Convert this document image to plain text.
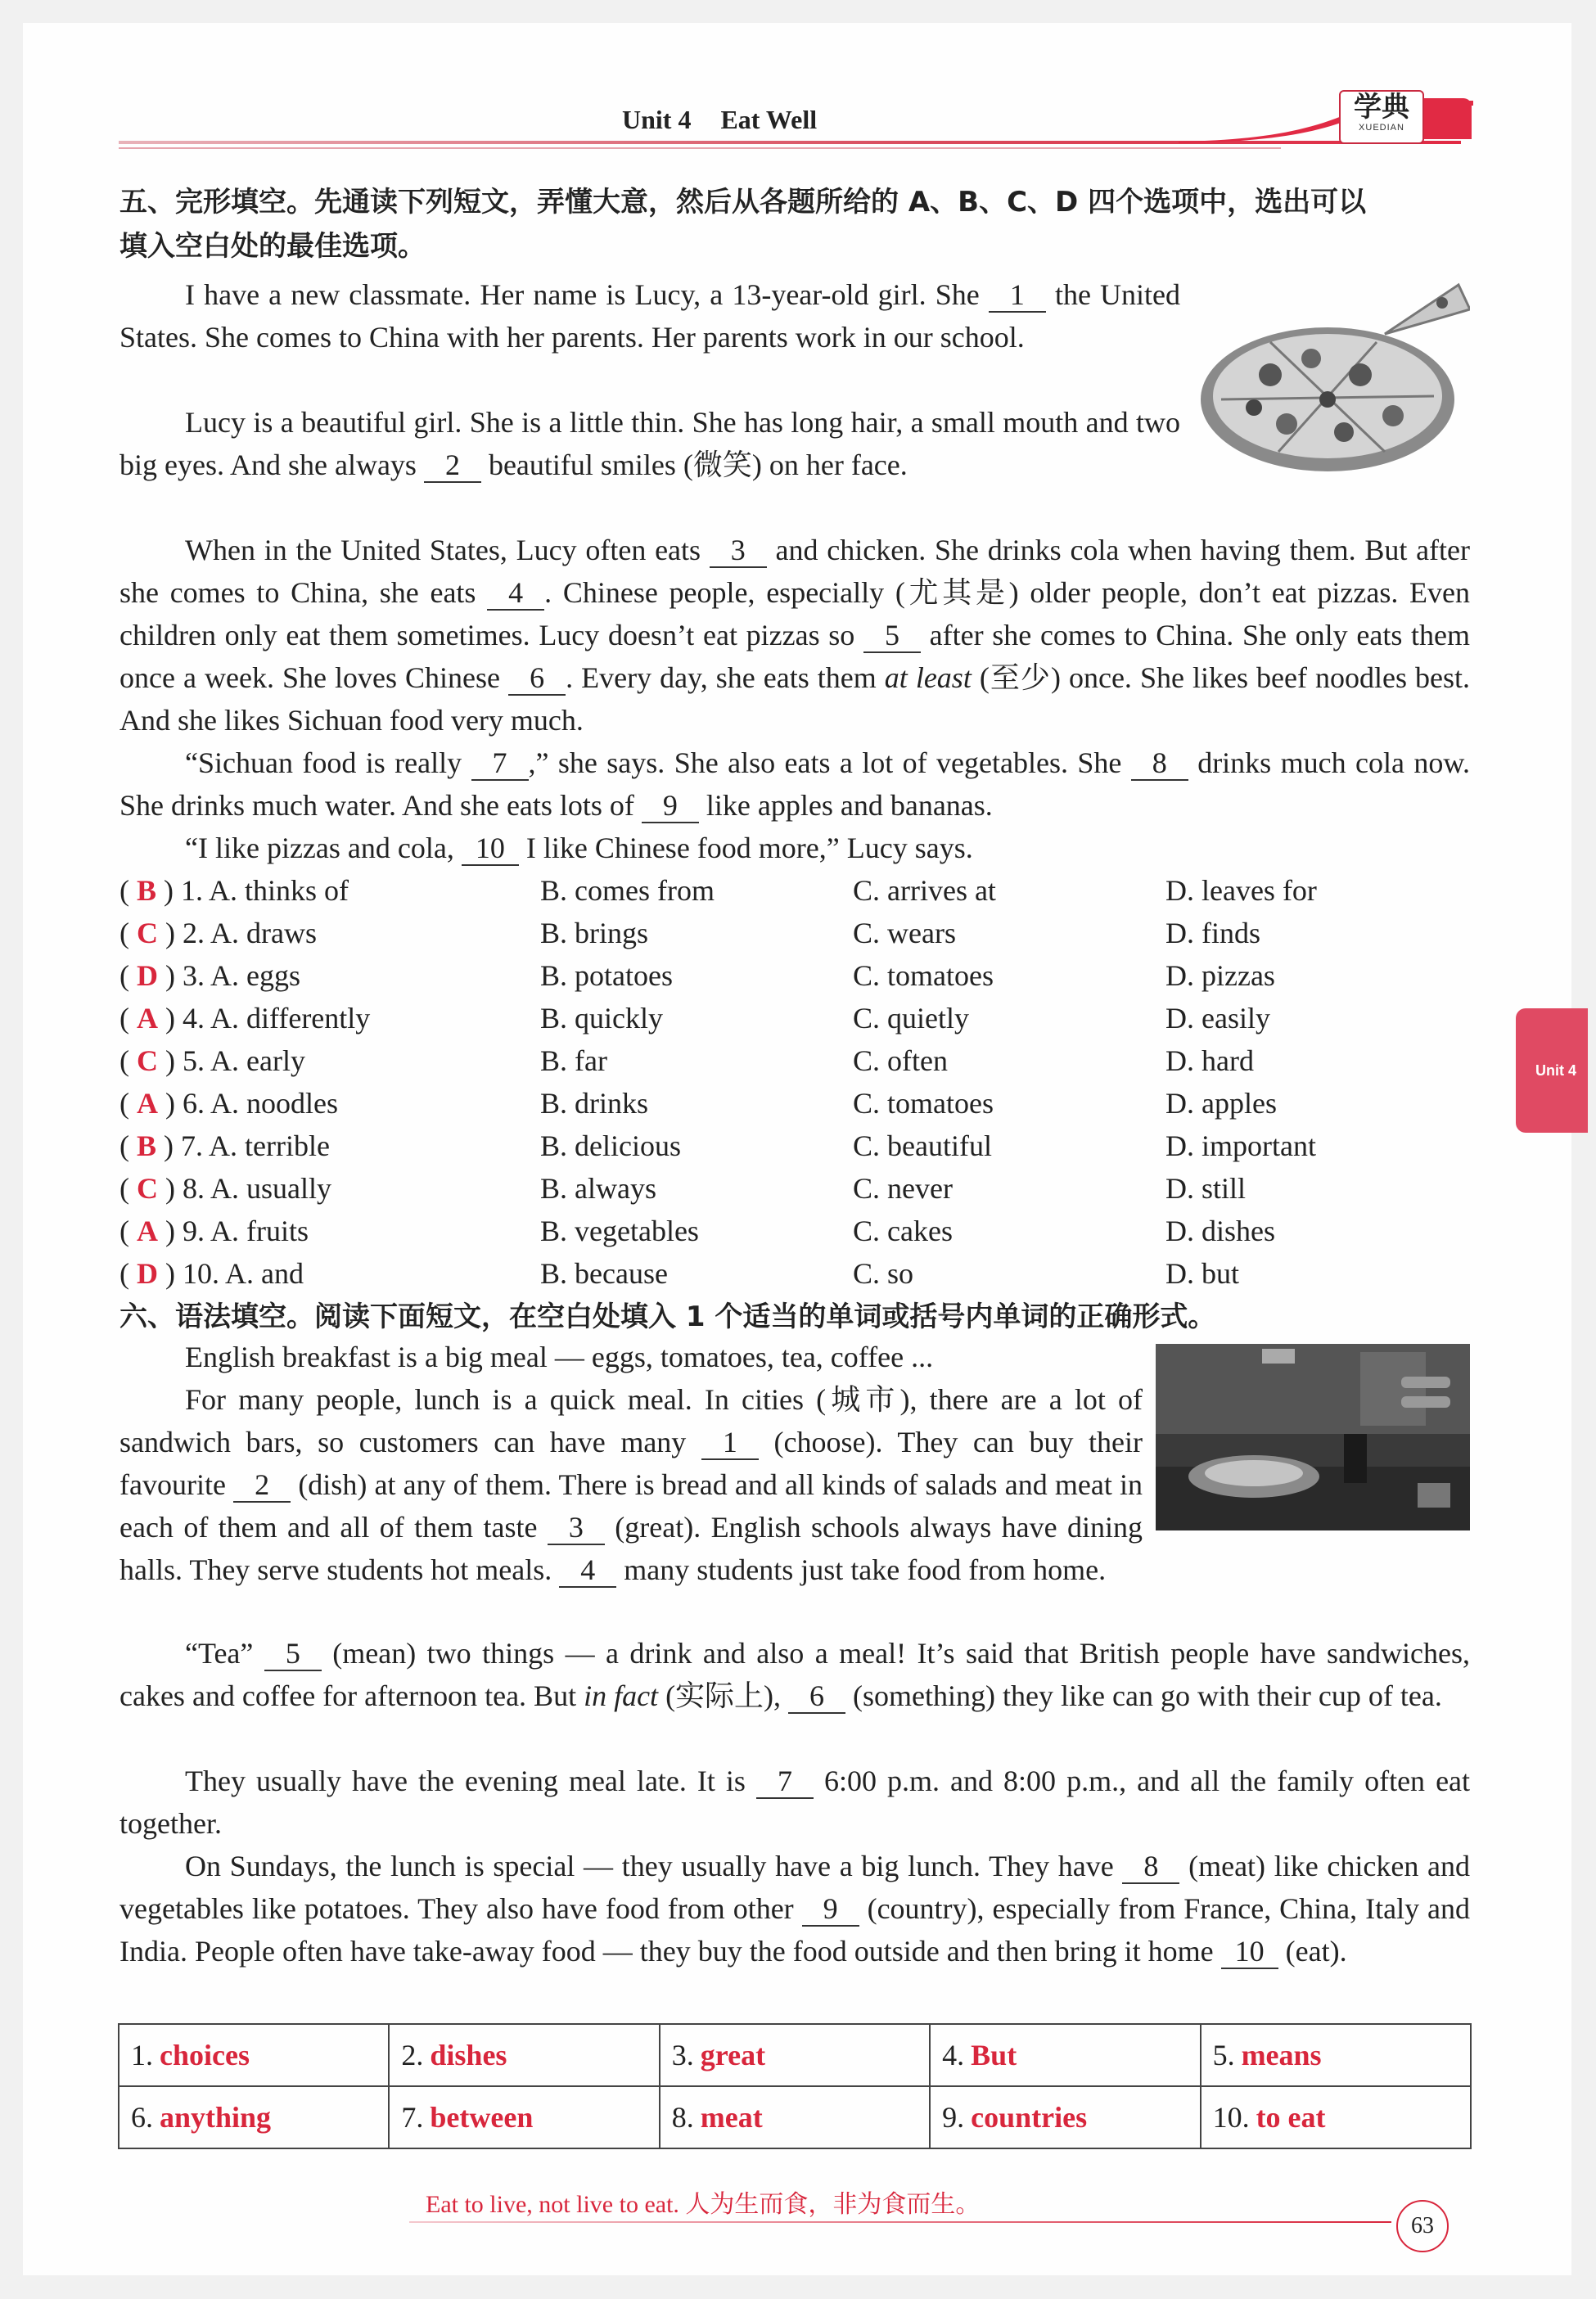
Unit 4 Eat Well	学典
XUEDIAN
五、完形填空。先通读下列短文，弄懂大意，然后从各题所给的 A、B、C、D 四个选项中，选出可以
填入空白处的最佳选项。
I have a new classmate. Her name is Lucy, a 13-year-old girl. She 1 the United States. She comes to China with her parents. Her parents work in our school.
Lucy is a beautiful girl. She is a little thin. She has long hair, a small mouth and two big eyes. And she always 2 beautiful smiles (微笑) on her face.
When in the United States, Lucy often eats 3 and chicken. She drinks cola when having them. But after she comes to China, she eats 4 . Chinese people, especially (尤其是) older people, don’t eat pizzas. Even children only eat them sometimes. Lucy doesn’t eat pizzas so 5 after she comes to China. She only eats them once a week. She loves Chinese 6 . Every day, she eats them at least (至少) once. She likes beef noodles best. And she likes Sichuan food very much.
“Sichuan food is really 7 ,” she says. She also eats a lot of vegetables. She 8 drinks much cola now. She drinks much water. And she eats lots of 9 like apples and bananas.
“I like pizzas and cola, 10 I like Chinese food more,” Lucy says.
( B ) 1. A. thinks of	B. comes from	C. arrives at	D. leaves for
( C ) 2. A. draws	B. brings	C. wears	D. finds
( D ) 3. A. eggs	B. potatoes	C. tomatoes	D. pizzas
( A ) 4. A. differently	B. quickly	C. quietly	D. easily
( C ) 5. A. early	B. far	C. often	D. hard
( A ) 6. A. noodles	B. drinks	C. tomatoes	D. apples
( B ) 7. A. terrible	B. delicious	C. beautiful	D. important
( C ) 8. A. usually	B. always	C. never	D. still
( A ) 9. A. fruits	B. vegetables	C. cakes	D. dishes
( D ) 10. A. and	B. because	C. so	D. but
Unit 4
六、语法填空。阅读下面短文，在空白处填入 1 个适当的单词或括号内单词的正确形式。
English breakfast is a big meal — eggs, tomatoes, tea, coffee ...
For many people, lunch is a quick meal. In cities (城市), there are a lot of sandwich bars, so customers can have many 1 (choose). They can buy their favourite 2 (dish) at any of them. There is bread and all kinds of salads and meat in each of them and all of them taste 3 (great). English schools always have dining halls. They serve students hot meals. 4 many students just take food from home.
“Tea” 5 (mean) two things — a drink and also a meal! It’s said that British people have sandwiches, cakes and coffee for afternoon tea. But in fact (实际上), 6 (something) they like can go with their cup of tea.
They usually have the evening meal late. It is 7 6:00 p.m. and 8:00 p.m., and all the family often eat together.
On Sundays, the lunch is special — they usually have a big lunch. They have 8 (meat) like chicken and vegetables like potatoes. They also have food from other 9 (country), especially from France, China, Italy and India. People often have take-away food — they buy the food outside and then bring it home 10 (eat).
1. choices	2. dishes	3. great	4. But	5. means
6. anything	7. between	8. meat	9. countries	10. to eat
Eat to live, not live to eat. 人为生而食，非为食而生。
63
